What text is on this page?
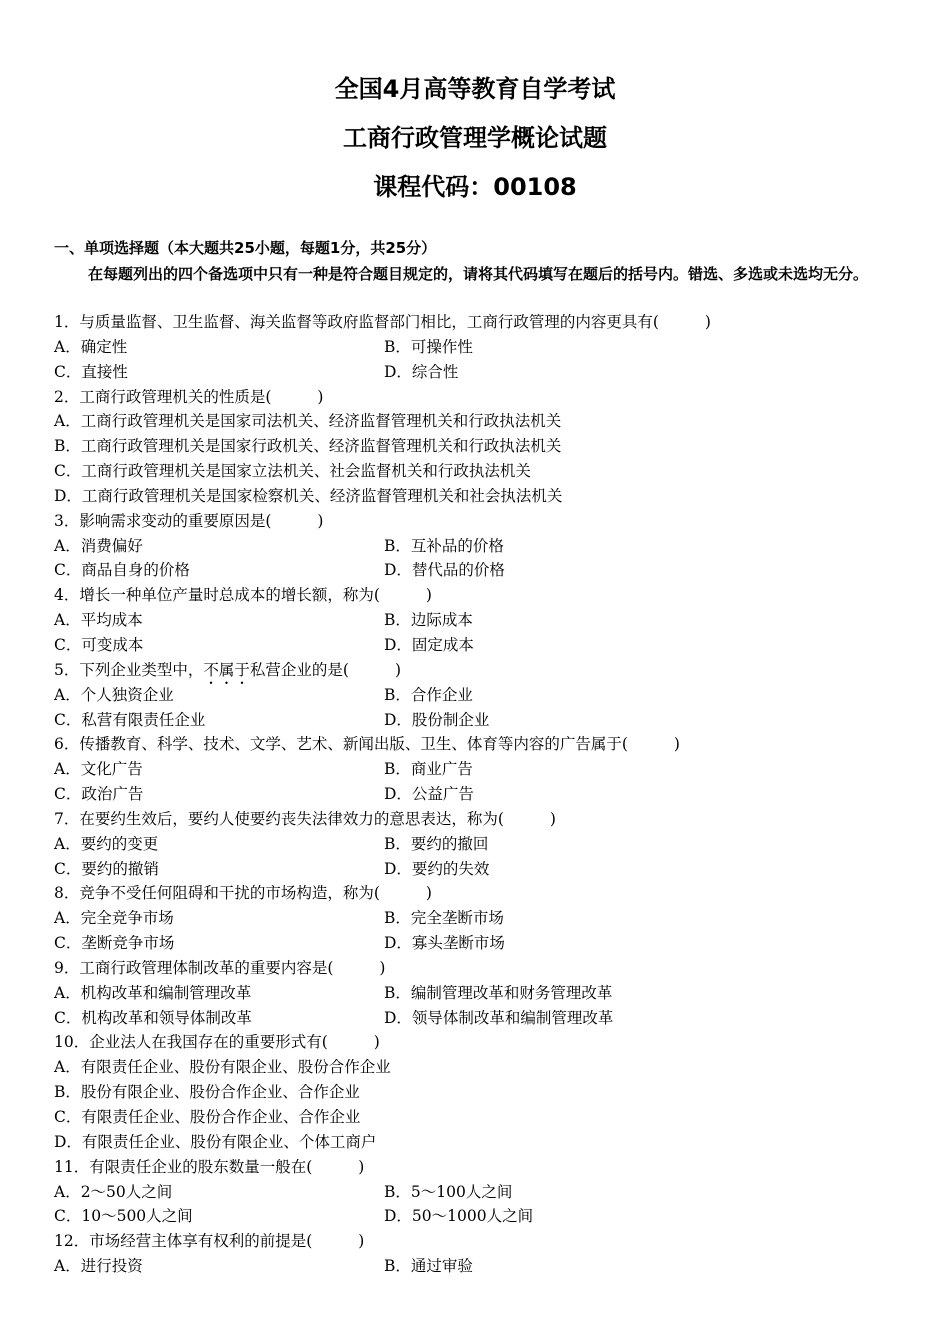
全国4月高等教育自学考试
工商行政管理学概论试题
课程代码：00108
一、单项选择题（本大题共25小题，每题1分，共25分）
在每题列出的四个备选项中只有一种是符合题目规定的，请将其代码填写在题后的括号内。错选、多选或未选均无分。
1．与质量监督、卫生监督、海关监督等政府监督部门相比，工商行政管理的内容更具有(	)
A．确定性	B．可操作性
C．直接性	D．综合性
2．工商行政管理机关的性质是(	)
A．工商行政管理机关是国家司法机关、经济监督管理机关和行政执法机关
B．工商行政管理机关是国家行政机关、经济监督管理机关和行政执法机关
C．工商行政管理机关是国家立法机关、社会监督机关和行政执法机关
D．工商行政管理机关是国家检察机关、经济监督管理机关和社会执法机关
3．影响需求变动的重要原因是(	)
A．消费偏好	B．互补品的价格
C．商品自身的价格	D．替代品的价格
4．增长一种单位产量时总成本的增长额，称为(	)
A．平均成本	B．边际成本
C．可变成本	D．固定成本
5．下列企业类型中，不属于私营企业的是(	)
A．个人独资企业	B．合作企业
C．私营有限责任企业	D．股份制企业
6．传播教育、科学、技术、文学、艺术、新闻出版、卫生、体育等内容的广告属于(	)
A．文化广告	B．商业广告
C．政治广告	D．公益广告
7．在要约生效后，要约人使要约丧失法律效力的意思表达，称为(	)
A．要约的变更	B．要约的撤回
C．要约的撤销	D．要约的失效
8．竞争不受任何阻碍和干扰的市场构造，称为(	)
A．完全竞争市场	B．完全垄断市场
C．垄断竞争市场	D．寡头垄断市场
9．工商行政管理体制改革的重要内容是(	)
A．机构改革和编制管理改革	B．编制管理改革和财务管理改革
C．机构改革和领导体制改革	D．领导体制改革和编制管理改革
10．企业法人在我国存在的重要形式有(	)
A．有限责任企业、股份有限企业、股份合作企业
B．股份有限企业、股份合作企业、合作企业
C．有限责任企业、股份合作企业、合作企业
D．有限责任企业、股份有限企业、个体工商户
11．有限责任企业的股东数量一般在(	)
A．2～50人之间	B．5～100人之间
C．10～500人之间	D．50～1000人之间
12．市场经营主体享有权利的前提是(	)
A．进行投资	B．通过审验
